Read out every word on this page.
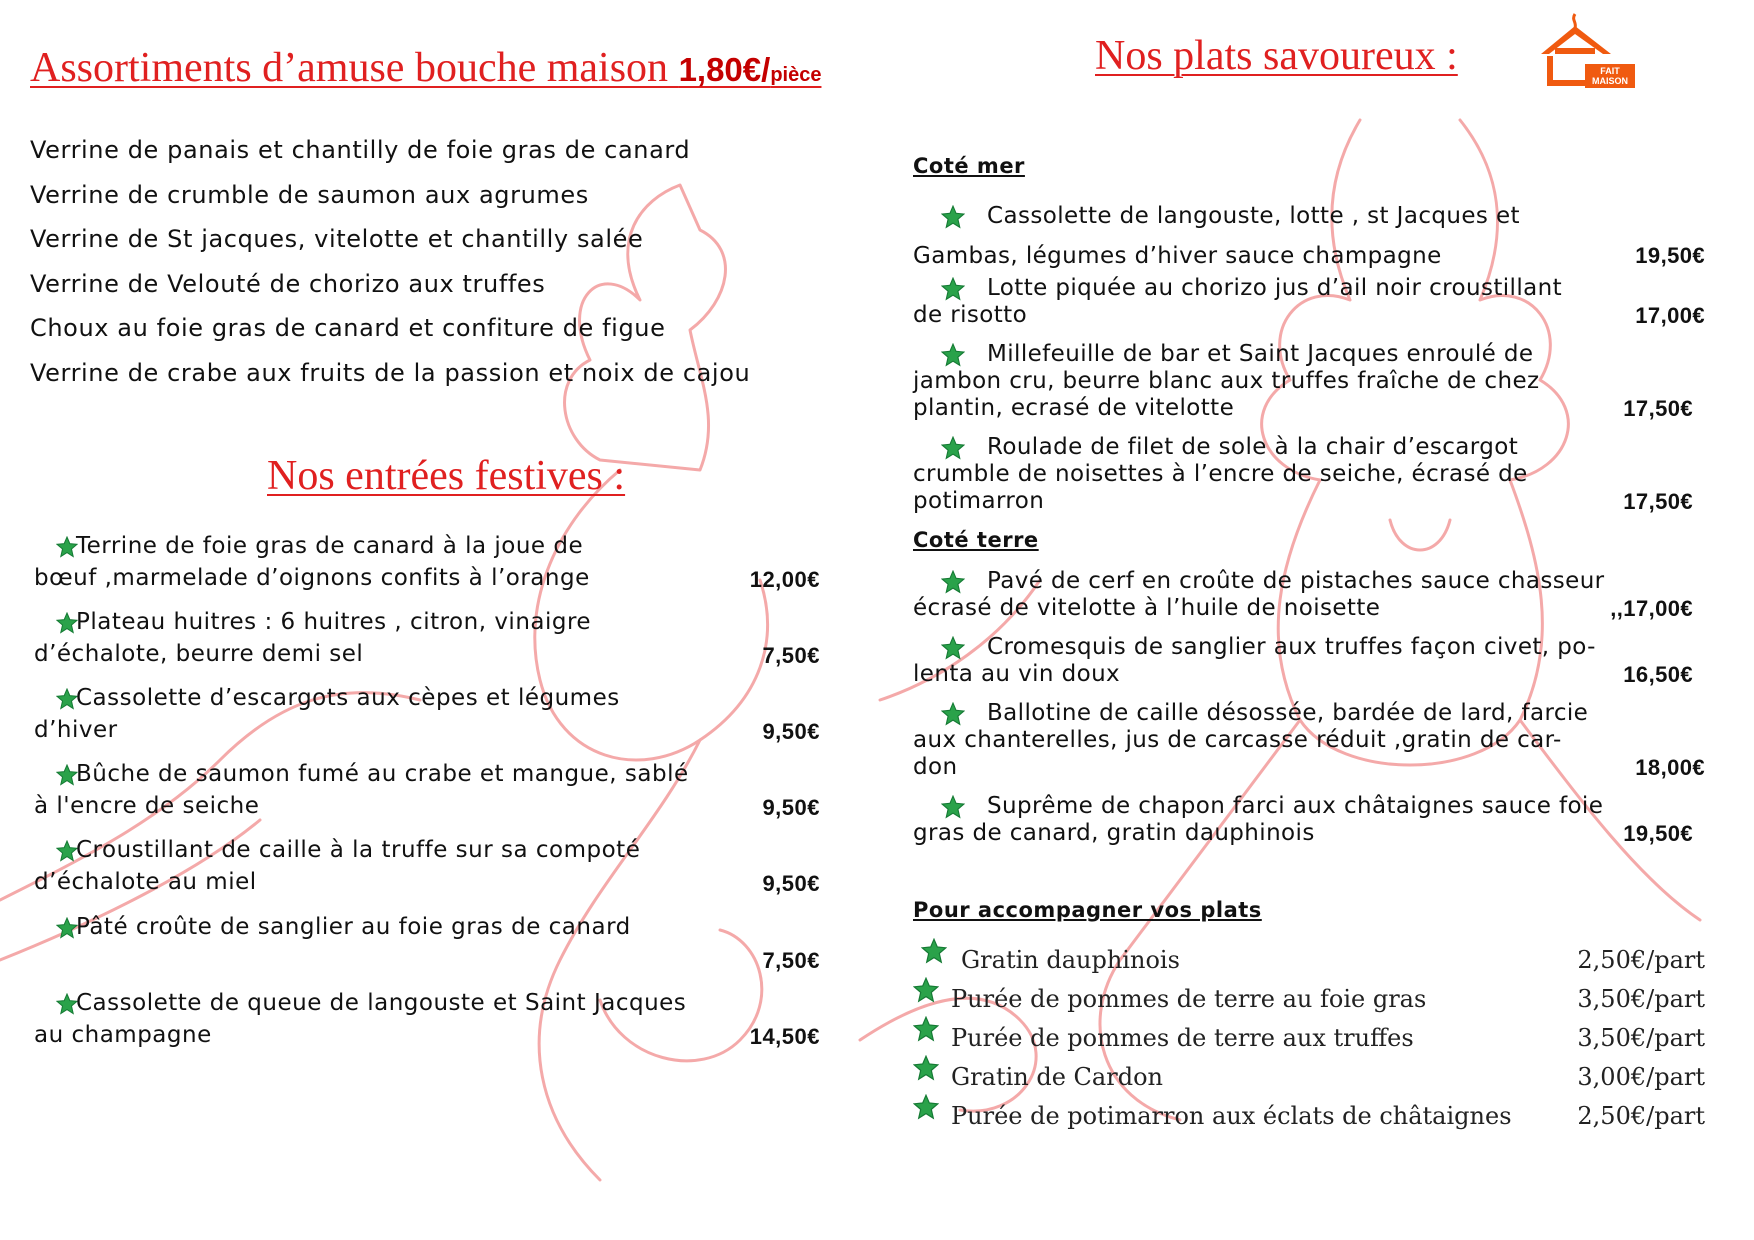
Assortiments d’amuse bouche maison 1,80€/pièce
Verrine de panais et chantilly de foie gras de canard
Verrine de crumble de saumon aux agrumes
Verrine de St jacques, vitelotte et chantilly salée
Verrine de Velouté de chorizo aux truffes
Choux au foie gras de canard et confiture de figue
Verrine de crabe aux fruits de la passion et noix de cajou
Nos entrées festives :
Terrine de foie gras de canard à la joue de
bœuf ,marmelade d’oignons confits à l’orange	12,00€
Plateau huitres : 6 huitres , citron, vinaigre
d’échalote, beurre demi sel	7,50€
Cassolette d’escargots aux cèpes et légumes
d’hiver	9,50€
Bûche de saumon fumé au crabe et mangue, sablé
à l'encre de seiche	9,50€
Croustillant de caille à la truffe sur sa compoté
d’échalote au miel	9,50€
Pâté croûte de sanglier au foie gras de canard

7,50€
Cassolette de queue de langouste et Saint Jacques
au champagne	14,50€
Nos plats savoureux :	FAIT
MAISON
Coté mer
Cassolette de langouste, lotte , st Jacques et
Gambas, légumes d’hiver sauce champagne	19,50€
Lotte piquée au chorizo jus d’ail noir croustillant
de risotto	17,00€
Millefeuille de bar et Saint Jacques enroulé de
jambon cru, beurre blanc aux truffes fraîche de chez
plantin, ecrasé de vitelotte	17,50€
Roulade de filet de sole à la chair d’escargot
crumble de noisettes à l’encre de seiche, écrasé de
potimarron	17,50€
Coté terre
Pavé de cerf en croûte de pistaches sauce chasseur
écrasé de vitelotte à l’huile de noisette	,,17,00€
Cromesquis de sanglier aux truffes façon civet, po-
lenta au vin doux	16,50€
Ballotine de caille désossée, bardée de lard, farcie
aux chanterelles, jus de carcasse réduit ,gratin de car-
don	18,00€
Suprême de chapon farci aux châtaignes sauce foie
gras de canard, gratin dauphinois	19,50€
Pour accompagner vos plats
Gratin dauphinois	2,50€/part
Purée de pommes de terre au foie gras	3,50€/part
Purée de pommes de terre aux truffes	3,50€/part
Gratin de Cardon	3,00€/part
Purée de potimarron aux éclats de châtaignes	2,50€/part
